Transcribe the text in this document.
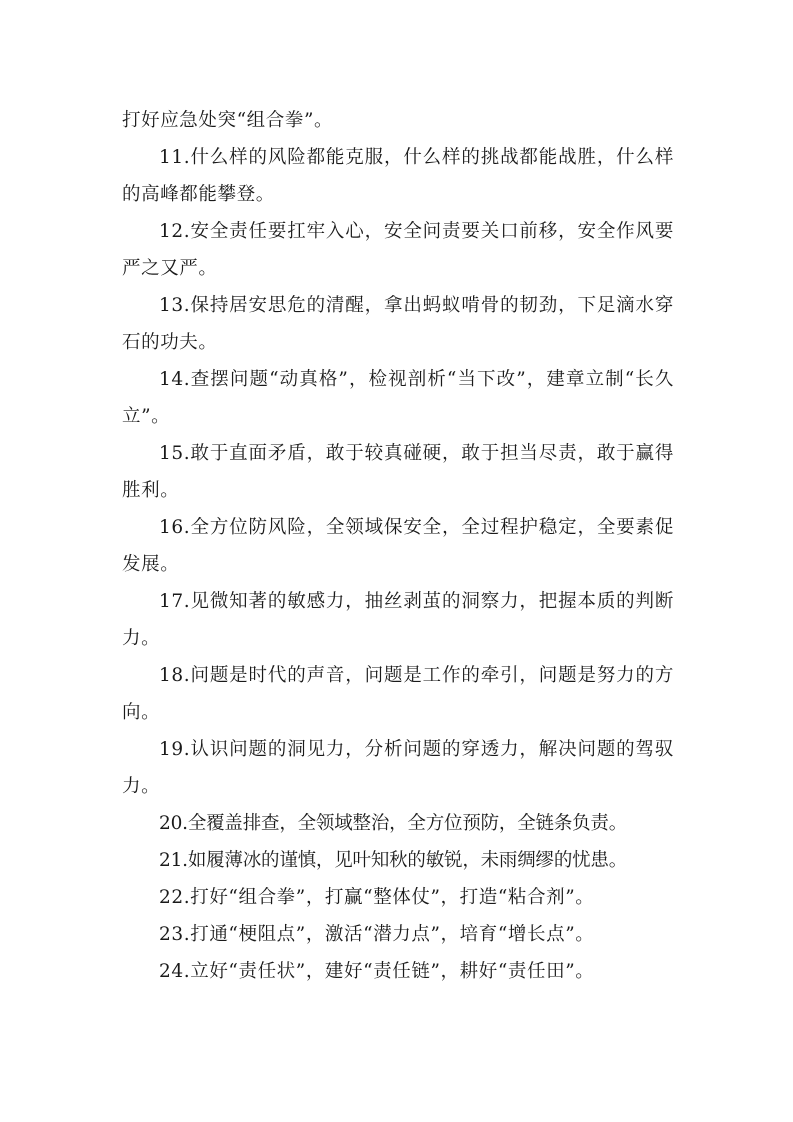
打好应急处突“组合拳”。

11.什么样的风险都能克服，什么样的挑战都能战胜，什么样的高峰都能攀登。

12.安全责任要扛牢入心，安全问责要关口前移，安全作风要严之又严。

13.保持居安思危的清醒，拿出蚂蚁啃骨的韧劲，下足滴水穿石的功夫。

14.查摆问题“动真格”，检视剖析“当下改”，建章立制“长久立”。

15.敢于直面矛盾，敢于较真碰硬，敢于担当尽责，敢于赢得胜利。

16.全方位防风险，全领域保安全，全过程护稳定，全要素促发展。

17.见微知著的敏感力，抽丝剥茧的洞察力，把握本质的判断力。

18.问题是时代的声音，问题是工作的牵引，问题是努力的方向。

19.认识问题的洞见力，分析问题的穿透力，解决问题的驾驭力。

20.全覆盖排查，全领域整治，全方位预防，全链条负责。

21.如履薄冰的谨慎，见叶知秋的敏锐，未雨绸缪的忧患。

22.打好“组合拳”，打赢“整体仗”，打造“粘合剂”。

23.打通“梗阻点”，激活“潜力点”，培育“增长点”。

24.立好“责任状”，建好“责任链”，耕好“责任田”。
